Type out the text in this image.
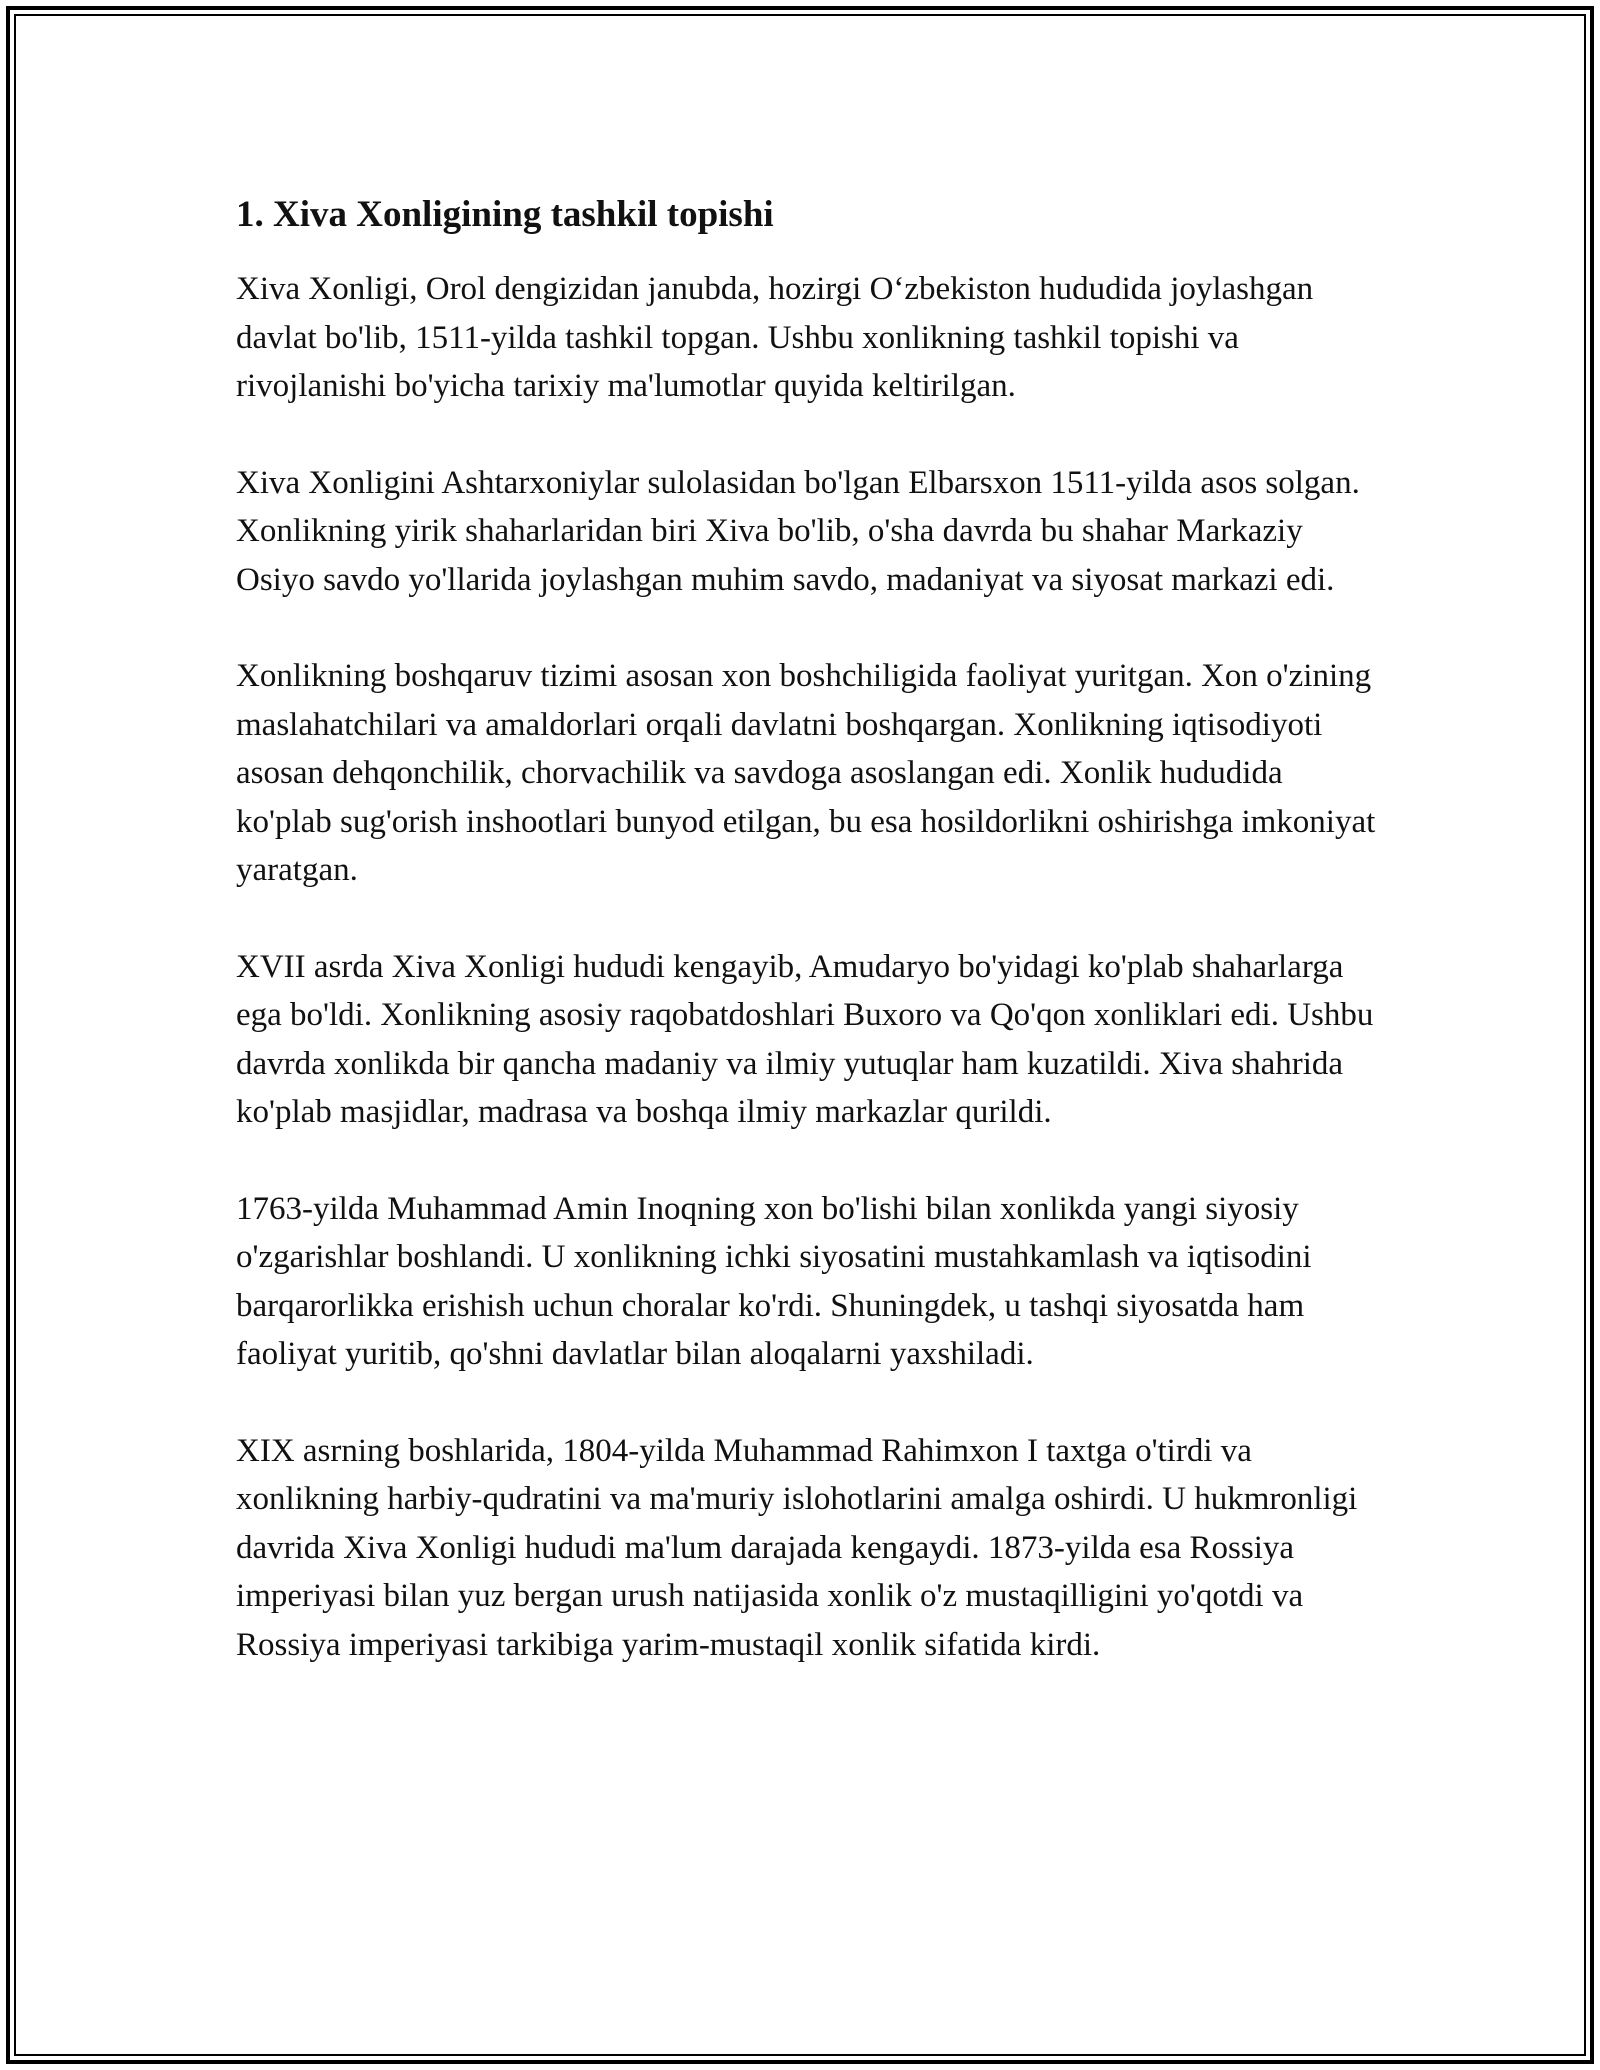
1. Xiva Xonligining tashkil topishi

Xiva Xonligi, Orol dengizidan janubda, hozirgi O‘zbekiston hududida joylashgan davlat bo'lib, 1511-yilda tashkil topgan. Ushbu xonlikning tashkil topishi va rivojlanishi bo'yicha tarixiy ma'lumotlar quyida keltirilgan.

Xiva Xonligini Ashtarxoniylar sulolasidan bo'lgan Elbarsxon 1511-yilda asos solgan. Xonlikning yirik shaharlaridan biri Xiva bo'lib, o'sha davrda bu shahar Markaziy Osiyo savdo yo'llarida joylashgan muhim savdo, madaniyat va siyosat markazi edi.

Xonlikning boshqaruv tizimi asosan xon boshchiligida faoliyat yuritgan. Xon o'zining maslahatchilari va amaldorlari orqali davlatni boshqargan. Xonlikning iqtisodiyoti asosan dehqonchilik, chorvachilik va savdoga asoslangan edi. Xonlik hududida ko'plab sug'orish inshootlari bunyod etilgan, bu esa hosildorlikni oshirishga imkoniyat yaratgan.

XVII asrda Xiva Xonligi hududi kengayib, Amudaryo bo'yidagi ko'plab shaharlarga ega bo'ldi. Xonlikning asosiy raqobatdoshlari Buxoro va Qo'qon xonliklari edi. Ushbu davrda xonlikda bir qancha madaniy va ilmiy yutuqlar ham kuzatildi. Xiva shahrida ko'plab masjidlar, madrasa va boshqa ilmiy markazlar qurildi.

1763-yilda Muhammad Amin Inoqning xon bo'lishi bilan xonlikda yangi siyosiy o'zgarishlar boshlandi. U xonlikning ichki siyosatini mustahkamlash va iqtisodini barqarorlikka erishish uchun choralar ko'rdi. Shuningdek, u tashqi siyosatda ham faoliyat yuritib, qo'shni davlatlar bilan aloqalarni yaxshiladi.

XIX asrning boshlarida, 1804-yilda Muhammad Rahimxon I taxtga o'tirdi va xonlikning harbiy-qudratini va ma'muriy islohotlarini amalga oshirdi. U hukmronligi davrida Xiva Xonligi hududi ma'lum darajada kengaydi. 1873-yilda esa Rossiya imperiyasi bilan yuz bergan urush natijasida xonlik o'z mustaqilligini yo'qotdi va Rossiya imperiyasi tarkibiga yarim-mustaqil xonlik sifatida kirdi.
